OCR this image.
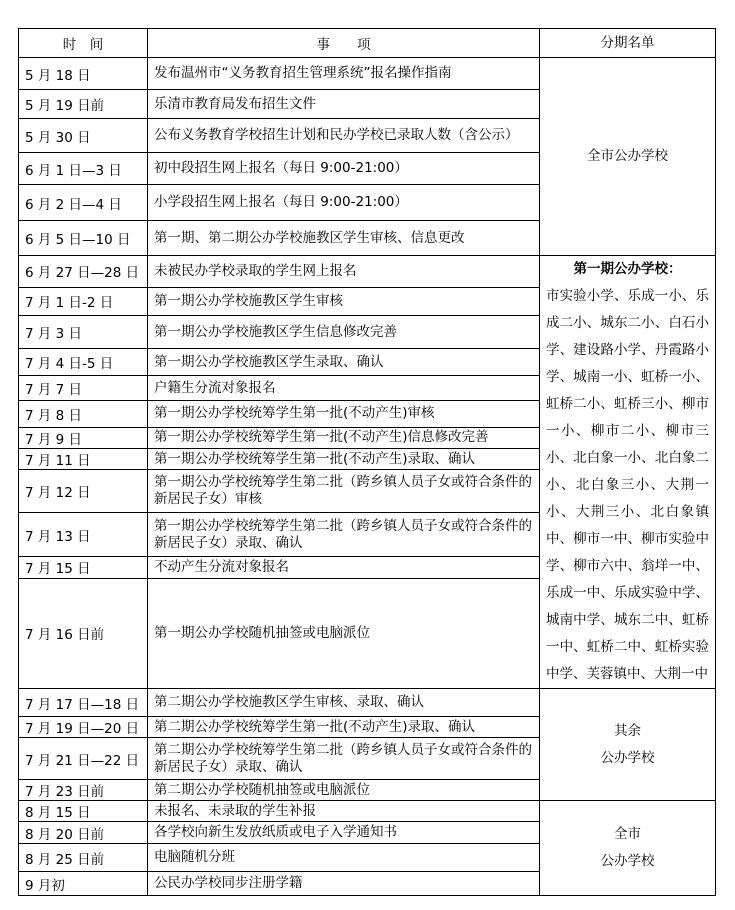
时　间	事　　项	分期名单
5 月 18 日	发布温州市“义务教育招生管理系统”报名操作指南	全市公办学校
5 月 19 日前	乐清市教育局发布招生文件	
5 月 30 日	公布义务教育学校招生计划和民办学校已录取人数（含公示）	
6 月 1 日—3 日	初中段招生网上报名（每日 9:00-21:00）	
6 月 2 日—4 日	小学段招生网上报名（每日 9:00-21:00）	
6 月 5 日—10 日	第一期、第二期公办学校施教区学生审核、信息更改	
6 月 27 日—28 日	未被民办学校录取的学生网上报名	第一期公办学校：
市实验小学、乐成一小、乐成二小、城东二小、白石小学、建设路小学、丹霞路小学、城南一小、虹桥一小、虹桥二小、虹桥三小、柳市一小、柳市二小、柳市三小、北白象一小、北白象二小、北白象三小、大荆一小、大荆三小、北白象镇中、柳市一中、柳市实验中学、柳市六中、翁垟一中、乐成一中、乐成实验中学、城南中学、城东二中、虹桥一中、虹桥二中、虹桥实验中学、芙蓉镇中、大荆一中

7 月 1 日-2 日	第一期公办学校施教区学生审核	
7 月 3 日	第一期公办学校施教区学生信息修改完善	
7 月 4 日-5 日	第一期公办学校施教区学生录取、确认	
7 月 7 日	户籍生分流对象报名	
7 月 8 日	第一期公办学校统筹学生第一批(不动产生)审核	
7 月 9 日	第一期公办学校统筹学生第一批(不动产生)信息修改完善	
7 月 11 日	第一期公办学校统筹学生第一批(不动产生)录取、确认	
7 月 12 日	第一期公办学校统筹学生第二批（跨乡镇人员子女或符合条件的新居民子女）审核	
7 月 13 日	第一期公办学校统筹学生第二批（跨乡镇人员子女或符合条件的新居民子女）录取、确认	
7 月 15 日	不动产生分流对象报名	
7 月 16 日前	第一期公办学校随机抽签或电脑派位	
7 月 17 日—18 日	第二期公办学校施教区学生审核、录取、确认	其余
公办学校
7 月 19 日—20 日	第二期公办学校统筹学生第一批(不动产生)录取、确认	
7 月 21 日—22 日	第二期公办学校统筹学生第二批（跨乡镇人员子女或符合条件的新居民子女）录取、确认	
7 月 23 日前	第二期公办学校随机抽签或电脑派位	
8 月 15 日	未报名、未录取的学生补报	全市
公办学校
8 月 20 日前	各学校向新生发放纸质或电子入学通知书	
8 月 25 日前	电脑随机分班	
9 月初	公民办学校同步注册学籍	
